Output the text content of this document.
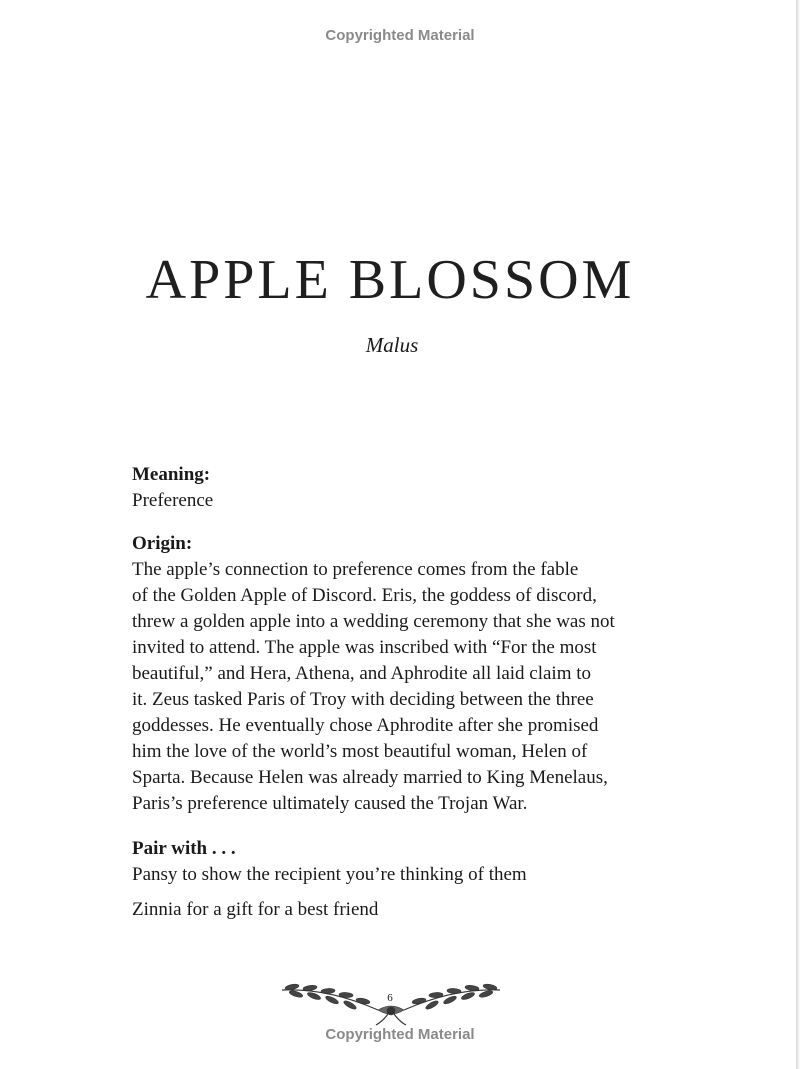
Copyrighted Material
APPLE BLOSSOM

Malus

Meaning:
Preference
Origin:
The apple’s connection to preference comes from the fable
of the Golden Apple of Discord. Eris, the goddess of discord,
threw a golden apple into a wedding ceremony that she was not
invited to attend. The apple was inscribed with “For the most
beautiful,” and Hera, Athena, and Aphrodite all laid claim to
it. Zeus tasked Paris of Troy with deciding between the three
goddesses. He eventually chose Aphrodite after she promised
him the love of the world’s most beautiful woman, Helen of
Sparta. Because Helen was already married to King Menelaus,
Paris’s preference ultimately caused the Trojan War.
Pair with . . .
Pansy to show the recipient you’re thinking of them
Zinnia for a gift for a best friend
6
Copyrighted Material
